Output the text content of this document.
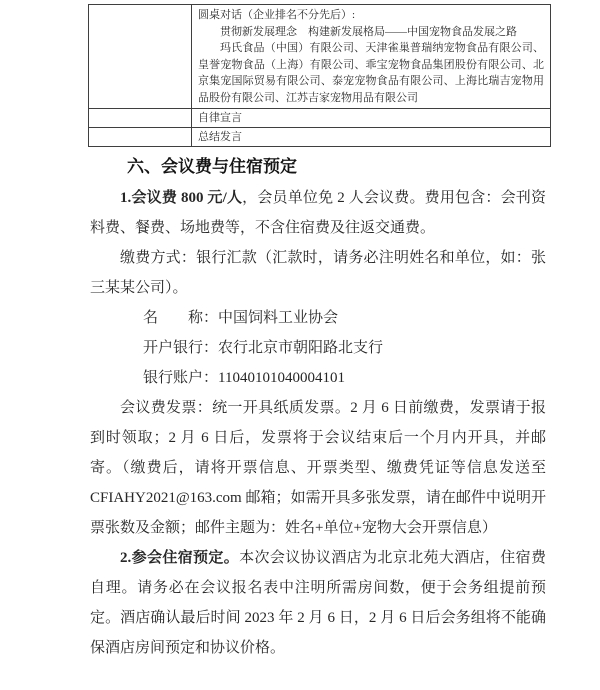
	圆桌对话（企业排名不分先后）:
贯彻新发展理念　构建新发展格局——中国宠物食品发展之路

玛氏食品（中国）有限公司、天津雀巢普瑞纳宠物食品有限公司、皇誉宠物食品（上海）有限公司、乖宝宠物食品集团股份有限公司、北京集宠国际贸易有限公司、泰宠宠物食品有限公司、上海比瑞吉宠物用品股份有限公司、江苏吉家宠物用品有限公司

	自律宣言
	总结发言
六、会议费与住宿预定

1.会议费 800 元/人，会员单位免 2 人会议费。费用包含：会刊资料费、餐费、场地费等，不含住宿费及往返交通费。

缴费方式：银行汇款（汇款时，请务必注明姓名和单位，如：张三某某公司）。

名　　称：中国饲料工业协会
开户银行：农行北京市朝阳路北支行
银行账户：11040101040004101

会议费发票：统一开具纸质发票。2 月 6 日前缴费，发票请于报到时领取；2 月 6 日后，发票将于会议结束后一个月内开具，并邮寄。（缴费后，请将开票信息、开票类型、缴费凭证等信息发送至 CFIAHY2021@163.com 邮箱；如需开具多张发票，请在邮件中说明开票张数及金额；邮件主题为：姓名+单位+宠物大会开票信息）

2.参会住宿预定。本次会议协议酒店为北京北苑大酒店，住宿费自理。请务必在会议报名表中注明所需房间数，便于会务组提前预定。酒店确认最后时间 2023 年 2 月 6 日，2 月 6 日后会务组将不能确保酒店房间预定和协议价格。
